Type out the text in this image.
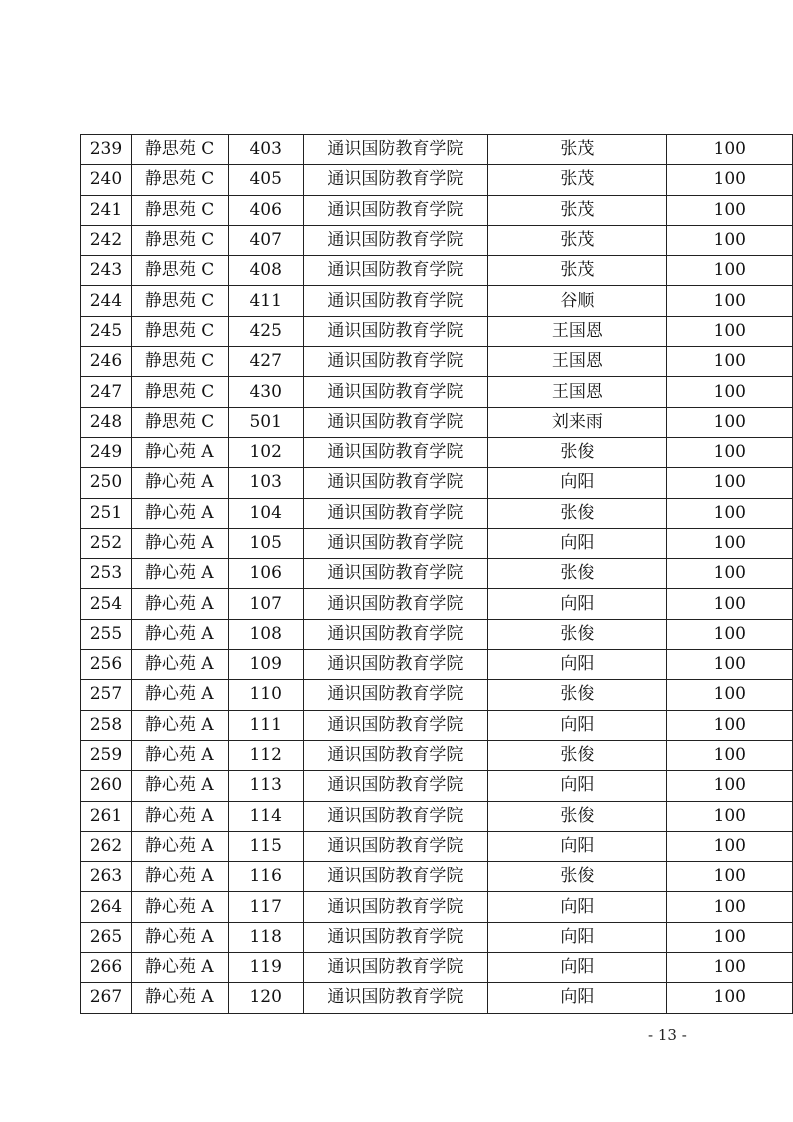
239	静思苑 C	403	通识国防教育学院	张茂	100
240	静思苑 C	405	通识国防教育学院	张茂	100
241	静思苑 C	406	通识国防教育学院	张茂	100
242	静思苑 C	407	通识国防教育学院	张茂	100
243	静思苑 C	408	通识国防教育学院	张茂	100
244	静思苑 C	411	通识国防教育学院	谷顺	100
245	静思苑 C	425	通识国防教育学院	王国恩	100
246	静思苑 C	427	通识国防教育学院	王国恩	100
247	静思苑 C	430	通识国防教育学院	王国恩	100
248	静思苑 C	501	通识国防教育学院	刘来雨	100
249	静心苑 A	102	通识国防教育学院	张俊	100
250	静心苑 A	103	通识国防教育学院	向阳	100
251	静心苑 A	104	通识国防教育学院	张俊	100
252	静心苑 A	105	通识国防教育学院	向阳	100
253	静心苑 A	106	通识国防教育学院	张俊	100
254	静心苑 A	107	通识国防教育学院	向阳	100
255	静心苑 A	108	通识国防教育学院	张俊	100
256	静心苑 A	109	通识国防教育学院	向阳	100
257	静心苑 A	110	通识国防教育学院	张俊	100
258	静心苑 A	111	通识国防教育学院	向阳	100
259	静心苑 A	112	通识国防教育学院	张俊	100
260	静心苑 A	113	通识国防教育学院	向阳	100
261	静心苑 A	114	通识国防教育学院	张俊	100
262	静心苑 A	115	通识国防教育学院	向阳	100
263	静心苑 A	116	通识国防教育学院	张俊	100
264	静心苑 A	117	通识国防教育学院	向阳	100
265	静心苑 A	118	通识国防教育学院	向阳	100
266	静心苑 A	119	通识国防教育学院	向阳	100
267	静心苑 A	120	通识国防教育学院	向阳	100
- 13 -
